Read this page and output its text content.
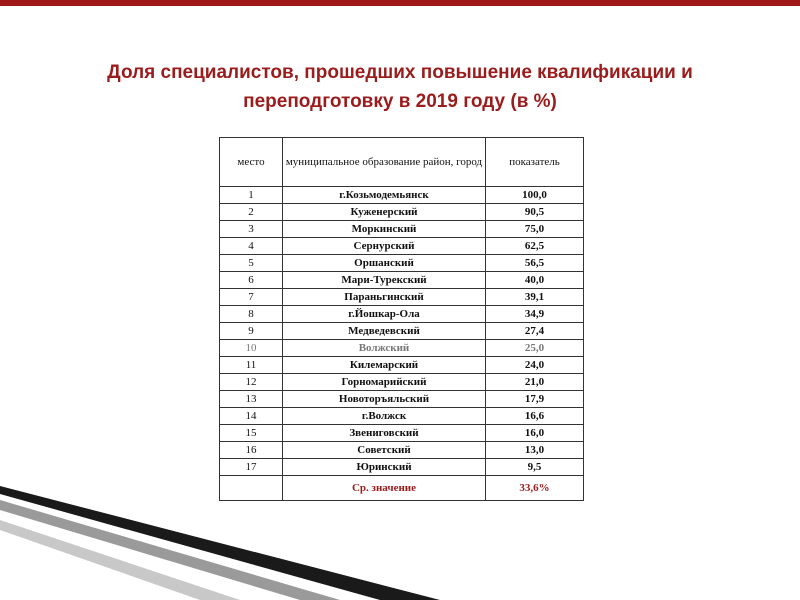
Доля специалистов, прошедших повышение квалификации и
переподготовку в 2019 году (в %)
место	муниципальное образование район, город	показатель
1	г.Козьмодемьянск	100,0
2	Куженерский	90,5
3	Моркинский	75,0
4	Сернурский	62,5
5	Оршанский	56,5
6	Мари-Турекский	40,0
7	Параньгинский	39,1
8	г.Йошкар-Ола	34,9
9	Медведевский	27,4
10	Волжский	25,0
11	Килемарский	24,0
12	Горномарийский	21,0
13	Новоторъяльский	17,9
14	г.Волжск	16,6
15	Звениговский	16,0
16	Советский	13,0
17	Юринский	9,5
	Ср. значение	33,6%
